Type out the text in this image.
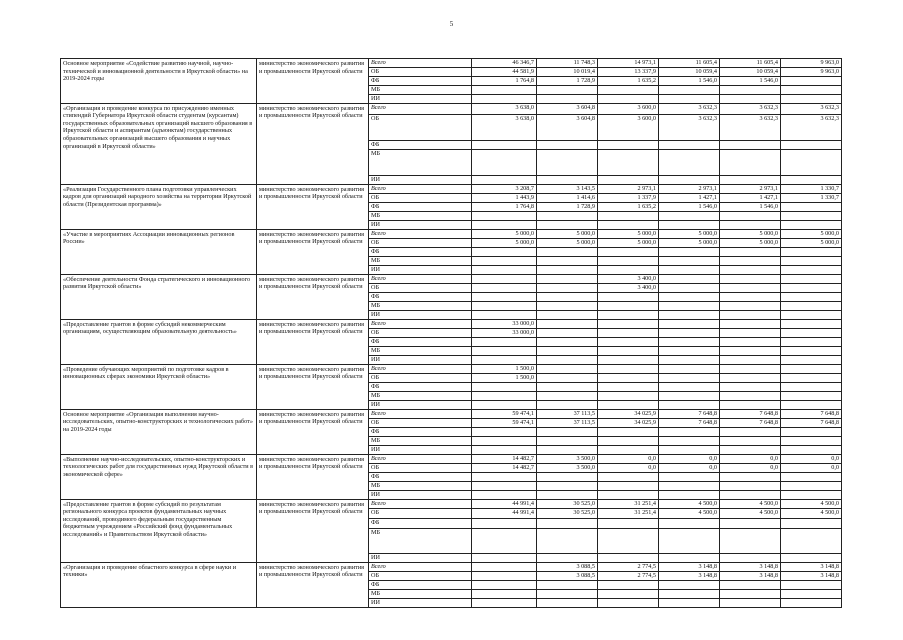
5
Основное мероприятие «Содействие развитию научной, научно-технической и инновационной деятельности в Иркутской области» на 2019-2024 годы	министерство экономического развития и промышленности Иркутской области	Всего	46 346,7	11 748,3	14 973,1	11 605,4	11 605,4	9 963,0
		ОБ	44 581,9	10 019,4	13 337,9	10 059,4	10 059,4	9 963,0
		ФБ	1 764,8	1 728,9	1 635,2	1 546,0	1 546,0	
		МБ						
		ИИ						
«Организация и проведение конкурса по присуждению именных стипендий Губернатора Иркутской области студентам (курсантам) государственных образовательных организаций высшего образования в Иркутской области и аспирантам (адъюнктам) государственных образовательных организаций высшего образования и научных организаций в Иркутской области»	министерство экономического развития и промышленности Иркутской области	Всего	3 638,0	3 604,8	3 600,0	3 632,3	3 632,3	3 632,3
		ОБ	3 638,0	3 604,8	3 600,0	3 632,3	3 632,3	3 632,3
		ФБ						
		МБ						
		ИИ						
«Реализация Государственного плана подготовки управленческих кадров для организаций народного хозяйства на территории Иркутской области (Президентская программа)»	министерство экономического развития и промышленности Иркутской области	Всего	3 208,7	3 143,5	2 973,1	2 973,1	2 973,1	1 330,7
		ОБ	1 443,9	1 414,6	1 337,9	1 427,1	1 427,1	1 330,7
		ФБ	1 764,8	1 728,9	1 635,2	1 546,0	1 546,0	
		МБ						
		ИИ						
«Участие в мероприятиях Ассоциации инновационных регионов России»	министерство экономического развития и промышленности Иркутской области	Всего	5 000,0	5 000,0	5 000,0	5 000,0	5 000,0	5 000,0
		ОБ	5 000,0	5 000,0	5 000,0	5 000,0	5 000,0	5 000,0
		ФБ						
		МБ						
		ИИ						
«Обеспечение деятельности Фонда стратегического и инновационного развития Иркутской области»	министерство экономического развития и промышленности Иркутской области	Всего			3 400,0			
		ОБ			3 400,0			
		ФБ						
		МБ						
		ИИ						
«Предоставление грантов в форме субсидий некоммерческим организациям, осуществляющим образовательную деятельность»	министерство экономического развития и промышленности Иркутской области	Всего	33 000,0					
		ОБ	33 000,0					
		ФБ						
		МБ						
		ИИ						
«Проведение обучающих мероприятий по подготовке кадров в инновационных сферах экономики Иркутской области»	министерство экономического развития и промышленности Иркутской области	Всего	1 500,0					
		ОБ	1 500,0					
		ФБ						
		МБ						
		ИИ						
Основное мероприятие «Организация выполнения научно-исследовательских, опытно-конструкторских и технологических работ» на 2019-2024 годы	министерство экономического развития и промышленности Иркутской области	Всего	59 474,1	37 113,5	34 025,9	7 648,8	7 648,8	7 648,8
		ОБ	59 474,1	37 113,5	34 025,9	7 648,8	7 648,8	7 648,8
		ФБ						
		МБ						
		ИИ						
«Выполнение научно-исследовательских, опытно-конструкторских и технологических работ для государственных нужд Иркутской области в экономической сфере»	министерство экономического развития и промышленности Иркутской области	Всего	14 482,7	3 500,0	0,0	0,0	0,0	0,0
		ОБ	14 482,7	3 500,0	0,0	0,0	0,0	0,0
		ФБ						
		МБ						
		ИИ						
«Предоставление грантов в форме субсидий по результатам регионального конкурса проектов фундаментальных научных исследований, проводимого федеральным государственным бюджетным учреждением «Российский фонд фундаментальных исследований» и Правительством Иркутской области»	министерство экономического развития и промышленности Иркутской области	Всего	44 991,4	30 525,0	31 251,4	4 500,0	4 500,0	4 500,0
		ОБ	44 991,4	30 525,0	31 251,4	4 500,0	4 500,0	4 500,0
		ФБ						
		МБ						
		ИИ						
«Организация и проведение областного конкурса в сфере науки и техники»	министерство экономического развития и промышленности Иркутской области	Всего		3 088,5	2 774,5	3 148,8	3 148,8	3 148,8
		ОБ		3 088,5	2 774,5	3 148,8	3 148,8	3 148,8
		ФБ						
		МБ						
		ИИ						
